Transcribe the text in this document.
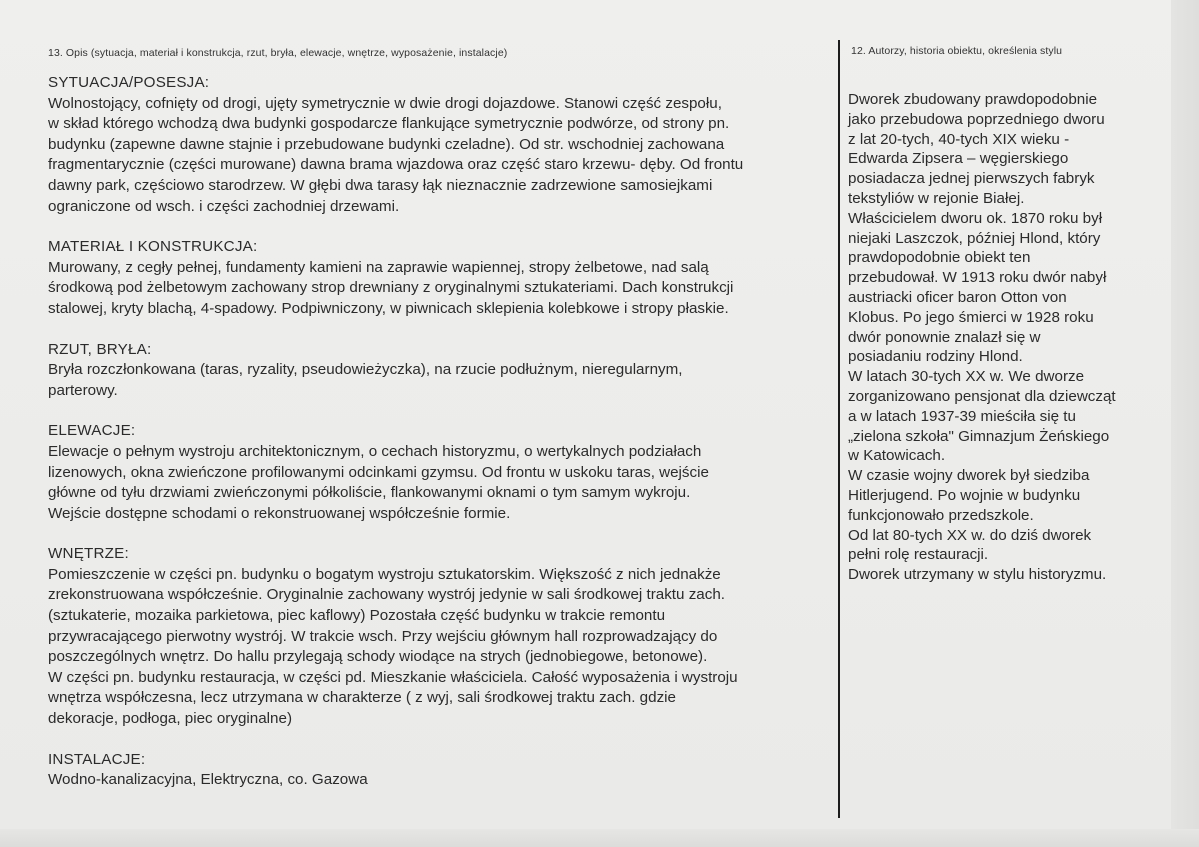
13. Opis (sytuacja, materiał i konstrukcja, rzut, bryła, elewacje, wnętrze, wyposażenie, instalacje)	12. Autorzy, historia obiektu, określenia stylu
SYTUACJA/POSESJA:
Wolnostojący, cofnięty od drogi, ujęty symetrycznie w dwie drogi dojazdowe. Stanowi część zespołu,
w skład którego wchodzą dwa budynki gospodarcze flankujące symetrycznie podwórze, od strony pn.
budynku (zapewne dawne stajnie i przebudowane budynki czeladne). Od str. wschodniej zachowana
fragmentarycznie (części murowane) dawna brama wjazdowa oraz część staro krzewu- dęby. Od frontu
dawny park, częściowo starodrzew. W głębi dwa tarasy łąk nieznacznie zadrzewione samosiejkami
ograniczone od wsch. i części zachodniej drzewami.
MATERIAŁ I KONSTRUKCJA:
Murowany, z cegły pełnej, fundamenty kamieni na zaprawie wapiennej, stropy żelbetowe, nad salą
środkową pod żelbetowym zachowany strop drewniany z oryginalnymi sztukateriami. Dach konstrukcji
stalowej, kryty blachą, 4-spadowy. Podpiwniczony, w piwnicach sklepienia kolebkowe i stropy płaskie.
RZUT, BRYŁA:
Bryła rozczłonkowana (taras, ryzality, pseudowieżyczka), na rzucie podłużnym, nieregularnym,
parterowy.
ELEWACJE:
Elewacje o pełnym wystroju architektonicznym, o cechach historyzmu, o wertykalnych podziałach
lizenowych, okna zwieńczone profilowanymi odcinkami gzymsu. Od frontu w uskoku taras, wejście
główne od tyłu drzwiami zwieńczonymi półkoliście, flankowanymi oknami o tym samym wykroju.
Wejście dostępne schodami o rekonstruowanej współcześnie formie.
WNĘTRZE:
Pomieszczenie w części pn. budynku o bogatym wystroju sztukatorskim. Większość z nich jednakże
zrekonstruowana współcześnie. Oryginalnie zachowany wystrój jedynie w sali środkowej traktu zach.
(sztukaterie, mozaika parkietowa, piec kaflowy) Pozostała część budynku w trakcie remontu
przywracającego pierwotny wystrój. W trakcie wsch. Przy wejściu głównym hall rozprowadzający do
poszczególnych wnętrz. Do hallu przylegają schody wiodące na strych (jednobiegowe, betonowe).
W części pn. budynku restauracja, w części pd. Mieszkanie właściciela. Całość wyposażenia i wystroju
wnętrza współczesna, lecz utrzymana w charakterze ( z wyj, sali środkowej traktu zach. gdzie
dekoracje, podłoga, piec oryginalne)
INSTALACJE:
Wodno-kanalizacyjna, Elektryczna, co. Gazowa
Dworek zbudowany prawdopodobnie
jako przebudowa poprzedniego dworu
z lat 20-tych, 40-tych XIX wieku -
Edwarda Zipsera – węgierskiego
posiadacza jednej pierwszych fabryk
tekstyliów w rejonie Białej.
Właścicielem dworu ok. 1870 roku był
niejaki Laszczok, później Hlond, który
prawdopodobnie obiekt ten
przebudował. W 1913 roku dwór nabył
austriacki oficer baron Otton von
Klobus. Po jego śmierci w 1928 roku
dwór ponownie znalazł się w
posiadaniu rodziny Hlond.
W latach 30-tych XX w. We dworze
zorganizowano pensjonat dla dziewcząt
a w latach 1937-39 mieściła się tu
„zielona szkoła" Gimnazjum Żeńskiego
w Katowicach.
W czasie wojny dworek był siedziba
Hitlerjugend. Po wojnie w budynku
funkcjonowało przedszkole.
Od lat 80-tych XX w. do dziś dworek
pełni rolę restauracji.
Dworek utrzymany w stylu historyzmu.
